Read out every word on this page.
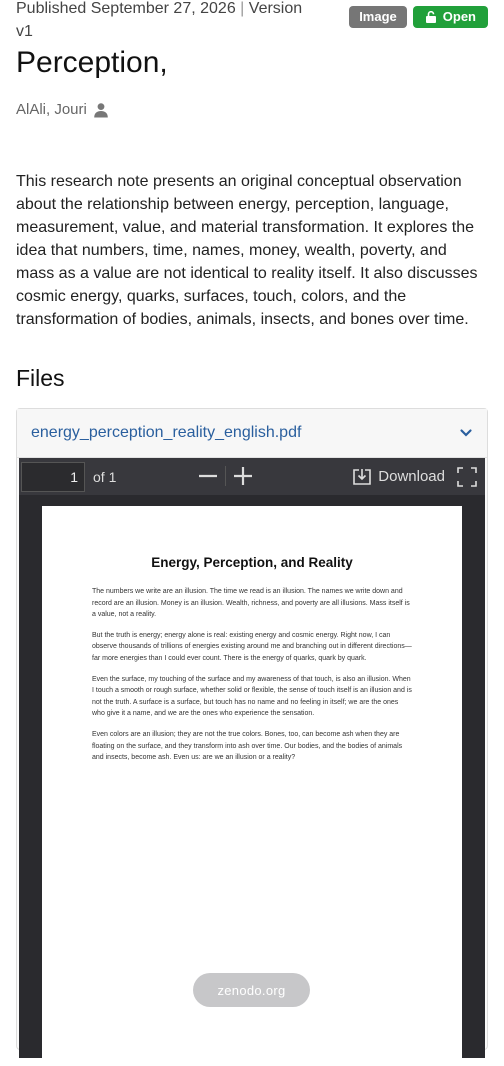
Published September 27, 2026 | Version v1
Image	Open
Perception,
AlAli, Jouri

This research note presents an original conceptual observation about the relationship between energy, perception, language, measurement, value, and material transformation. It explores the idea that numbers, time, names, money, wealth, poverty, and mass as a value are not identical to reality itself. It also discusses cosmic energy, quarks, surfaces, touch, colors, and the transformation of bodies, animals, insects, and bones over time.

Files
energy_perception_reality_english.pdf
1	of 1	Download
Energy, Perception, and Reality

The numbers we write are an illusion. The time we read is an illusion. The names we write down and record are an illusion. Money is an illusion. Wealth, richness, and poverty are all illusions. Mass itself is a value, not a reality.

But the truth is energy; energy alone is real: existing energy and cosmic energy. Right now, I can observe thousands of trillions of energies existing around me and branching out in different directions—far more energies than I could ever count. There is the energy of quarks, quark by quark.

Even the surface, my touching of the surface and my awareness of that touch, is also an illusion. When I touch a smooth or rough surface, whether solid or flexible, the sense of touch itself is an illusion and is not the truth. A surface is a surface, but touch has no name and no feeling in itself; we are the ones who give it a name, and we are the ones who experience the sensation.

Even colors are an illusion; they are not the true colors. Bones, too, can become ash when they are floating on the surface, and they transform into ash over time. Our bodies, and the bodies of animals and insects, become ash. Even us: are we an illusion or a reality?

zenodo.org
